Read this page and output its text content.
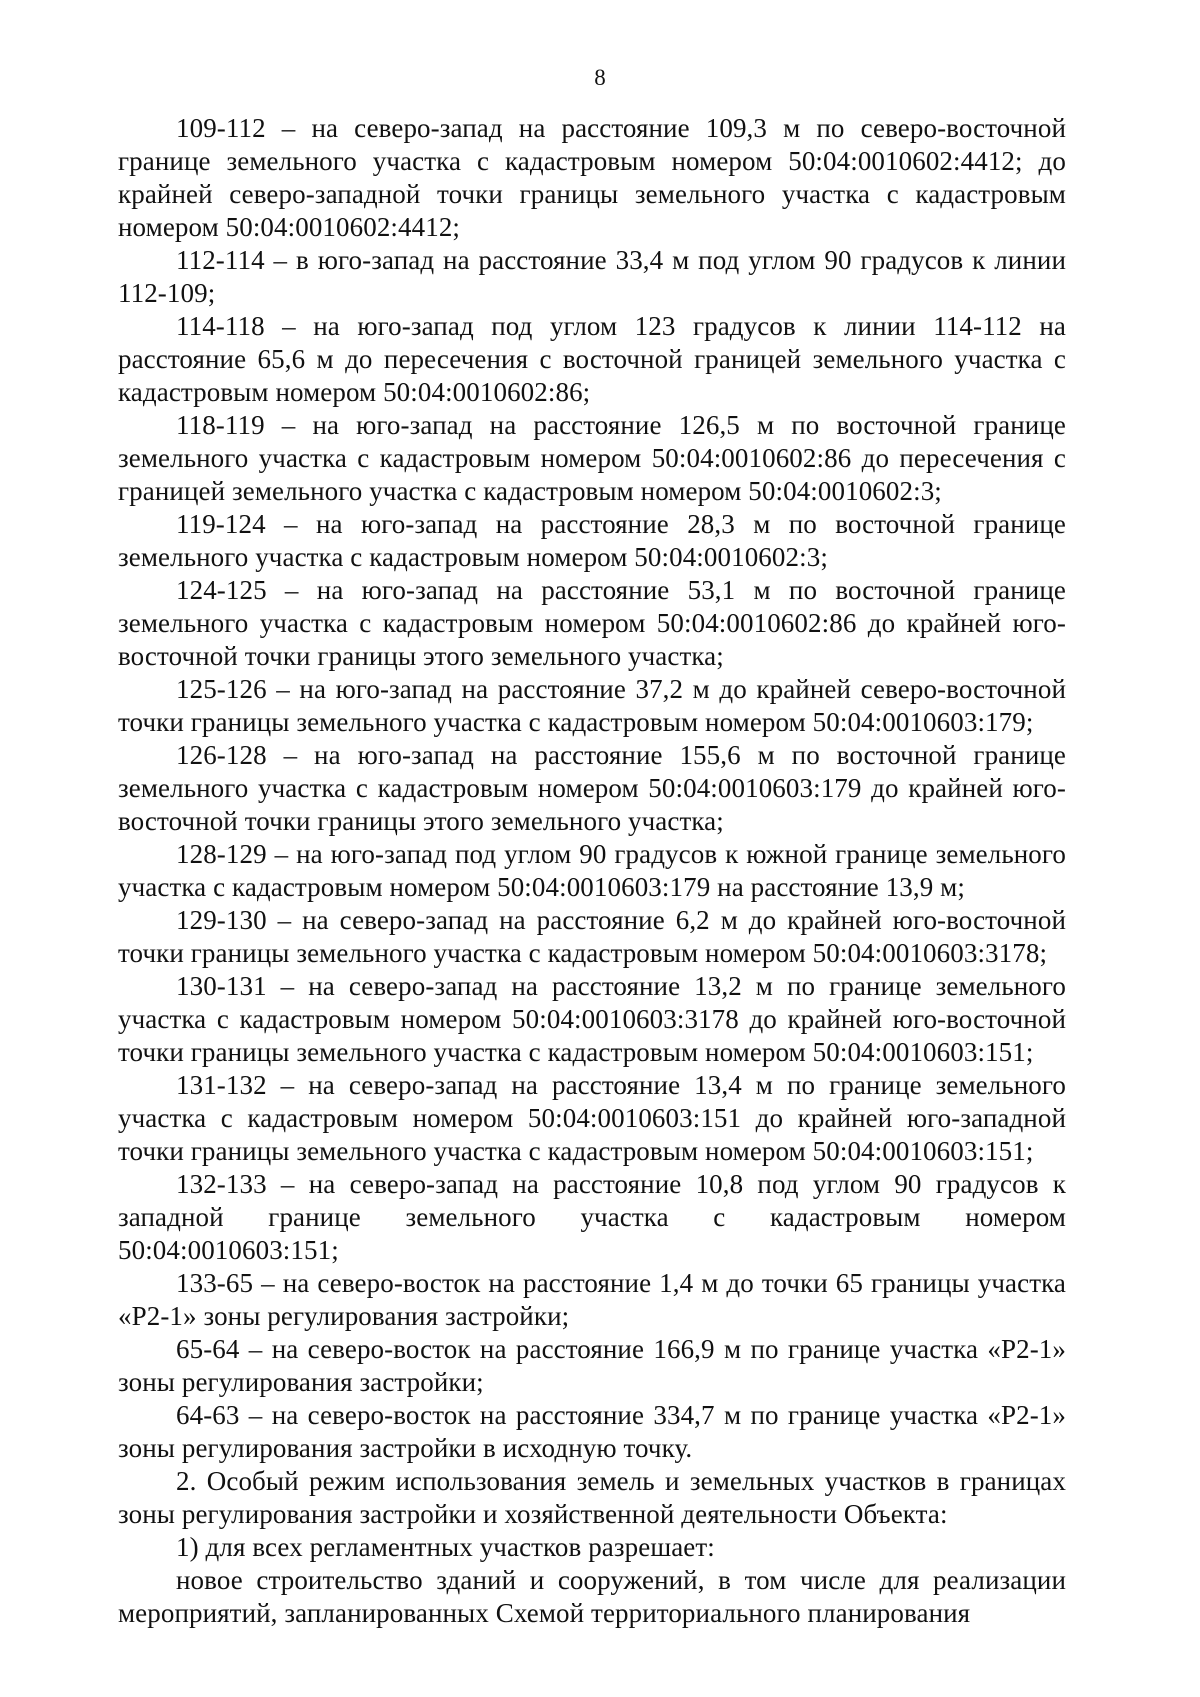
8

109-112 – на северо-запад на расстояние 109,3 м по северо-восточной границе земельного участка с кадастровым номером 50:04:0010602:4412; до крайней северо-западной точки границы земельного участка с кадастровым номером 50:04:0010602:4412;

112-114 – в юго-запад на расстояние 33,4 м под углом 90 градусов к линии 112-109;

114-118 – на юго-запад под углом 123 градусов к линии 114-112 на расстояние 65,6 м до пересечения с восточной границей земельного участка с кадастровым номером 50:04:0010602:86;

118-119 – на юго-запад на расстояние 126,5 м по восточной границе земельного участка с кадастровым номером 50:04:0010602:86 до пересечения с границей земельного участка с кадастровым номером 50:04:0010602:3;

119-124 – на юго-запад на расстояние 28,3 м по восточной границе земельного участка с кадастровым номером 50:04:0010602:3;

124-125 – на юго-запад на расстояние 53,1 м по восточной границе земельного участка с кадастровым номером 50:04:0010602:86 до крайней юго-восточной точки границы этого земельного участка;

125-126 – на юго-запад на расстояние 37,2 м до крайней северо-восточной точки границы земельного участка с кадастровым номером 50:04:0010603:179;

126-128 – на юго-запад на расстояние 155,6 м по восточной границе земельного участка с кадастровым номером 50:04:0010603:179 до крайней юго-восточной точки границы этого земельного участка;

128-129 – на юго-запад под углом 90 градусов к южной границе земельного участка с кадастровым номером 50:04:0010603:179 на расстояние 13,9 м;

129-130 – на северо-запад на расстояние 6,2 м до крайней юго-восточной точки границы земельного участка с кадастровым номером 50:04:0010603:3178;

130-131 – на северо-запад на расстояние 13,2 м по границе земельного участка с кадастровым номером 50:04:0010603:3178 до крайней юго-восточной точки границы земельного участка с кадастровым номером 50:04:0010603:151;

131-132 – на северо-запад на расстояние 13,4 м по границе земельного участка с кадастровым номером 50:04:0010603:151 до крайней юго-западной точки границы земельного участка с кадастровым номером 50:04:0010603:151;

132-133 – на северо-запад на расстояние 10,8 под углом 90 градусов к западной границе земельного участка с кадастровым номером 50:04:0010603:151;

133-65 – на северо-восток на расстояние 1,4 м до точки 65 границы участка «Р2-1» зоны регулирования застройки;

65-64 – на северо-восток на расстояние 166,9 м по границе участка «Р2-1» зоны регулирования застройки;

64-63 – на северо-восток на расстояние 334,7 м по границе участка «Р2-1» зоны регулирования застройки в исходную точку.

2. Особый режим использования земель и земельных участков в границах зоны регулирования застройки и хозяйственной деятельности Объекта:

1) для всех регламентных участков разрешает:

новое строительство зданий и сооружений, в том числе для реализации мероприятий, запланированных Схемой территориального планирования
